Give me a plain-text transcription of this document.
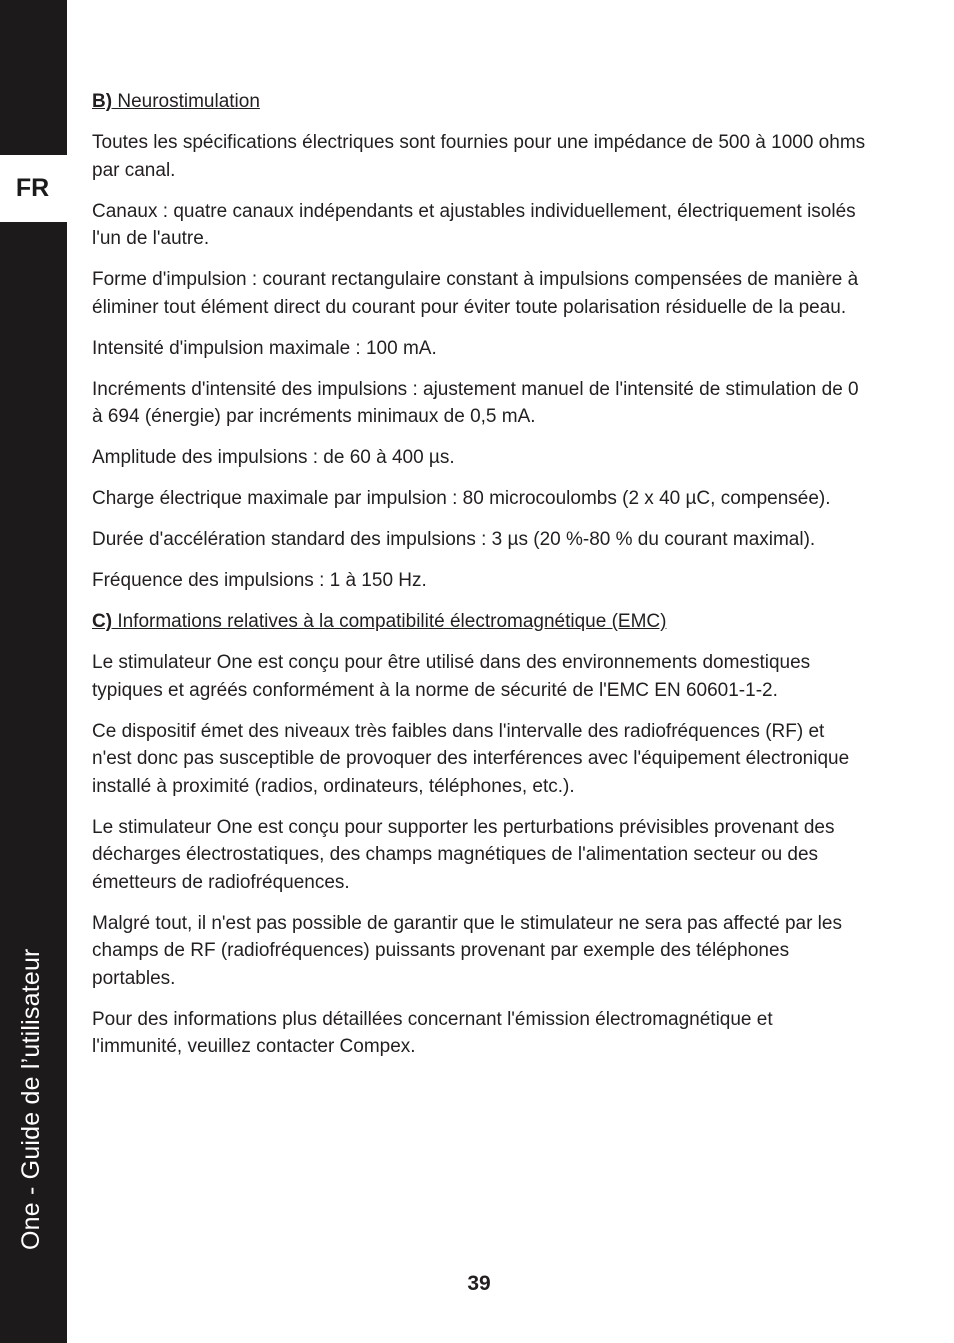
FR
One - Guide de l’utilisateur

B) Neurostimulation

Toutes les spécifications électriques sont fournies pour une impédance de 500 à 1000 ohms par canal.

Canaux : quatre canaux indépendants et ajustables individuellement, électriquement isolés l'un de l'autre.

Forme d'impulsion : courant rectangulaire constant à impulsions compensées de manière à éliminer tout élément direct du courant pour éviter toute polarisation résiduelle de la peau.

Intensité d'impulsion maximale : 100 mA.

Incréments d'intensité des impulsions : ajustement manuel de l'intensité de stimulation de 0 à 694 (énergie) par incréments minimaux de 0,5 mA.

Amplitude des impulsions : de 60 à 400 µs.

Charge électrique maximale par impulsion : 80 microcoulombs (2 x 40 µC, compensée).

Durée d'accélération standard des impulsions : 3 µs (20 %-80 % du courant maximal).

Fréquence des impulsions : 1 à 150 Hz.

C) Informations relatives à la compatibilité électromagnétique (EMC)

Le stimulateur One est conçu pour être utilisé dans des environnements domestiques typiques et agréés conformément à la norme de sécurité de l'EMC EN 60601-1-2.

Ce dispositif émet des niveaux très faibles dans l'intervalle des radiofréquences (RF) et n'est donc pas susceptible de provoquer des interférences avec l'équipement électronique installé à proximité (radios, ordinateurs, téléphones, etc.).

Le stimulateur One est conçu pour supporter les perturbations prévisibles provenant des décharges électrostatiques, des champs magnétiques de l'alimentation secteur ou des émetteurs de radiofréquences.

Malgré tout, il n'est pas possible de garantir que le stimulateur ne sera pas affecté par les champs de RF (radiofréquences) puissants provenant par exemple des téléphones portables.

Pour des informations plus détaillées concernant l'émission électromagnétique et l'immunité, veuillez contacter Compex.

39
